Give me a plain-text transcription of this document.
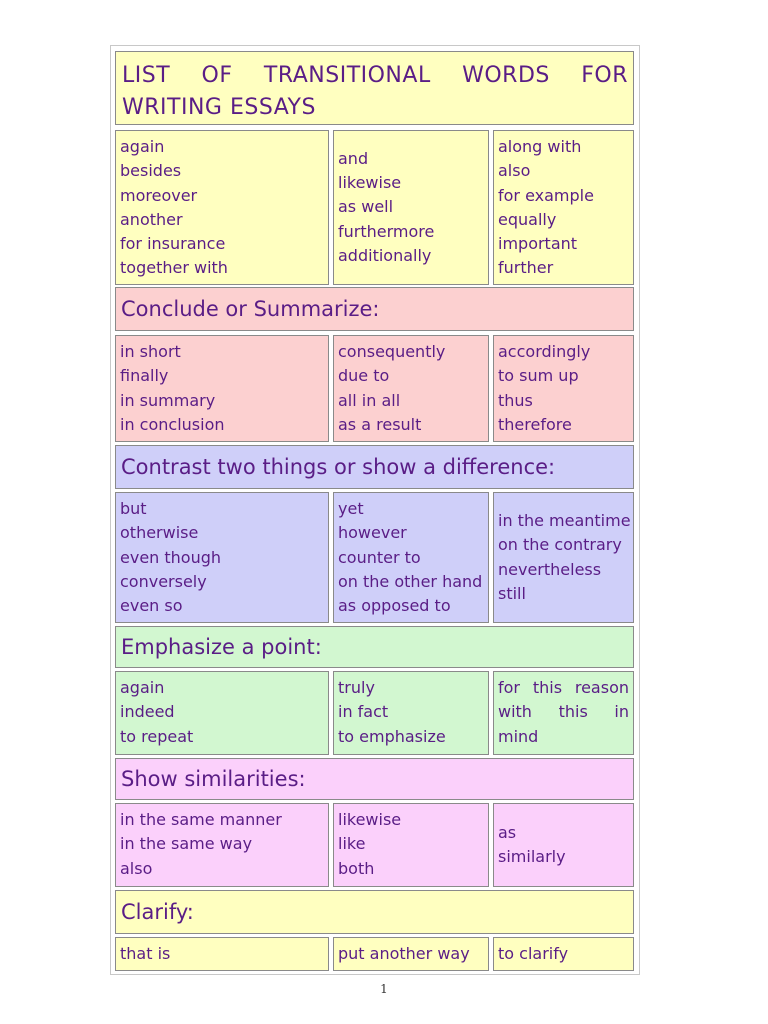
LIST OF TRANSITIONAL WORDS FOR
WRITING ESSAYS
again
besides
moreover
another
for insurance
together with
and
likewise
as well
furthermore
additionally
along with
also
for example
equally
important
further
Conclude or Summarize:
in short
finally
in summary
in conclusion
consequently
due to
all in all
as a result
accordingly
to sum up
thus
therefore
Contrast two things or show a difference:
but
otherwise
even though
conversely
even so
yet
however
counter to
on the other hand
as opposed to
in the meantime
on the contrary
nevertheless
still
Emphasize a point:
again
indeed
to repeat
truly
in fact
to emphasize
for this reason with this in
mind
Show similarities:
in the same manner
in the same way
also
likewise
like
both
as
similarly
Clarify:
that is	put another way	to clarify
1
